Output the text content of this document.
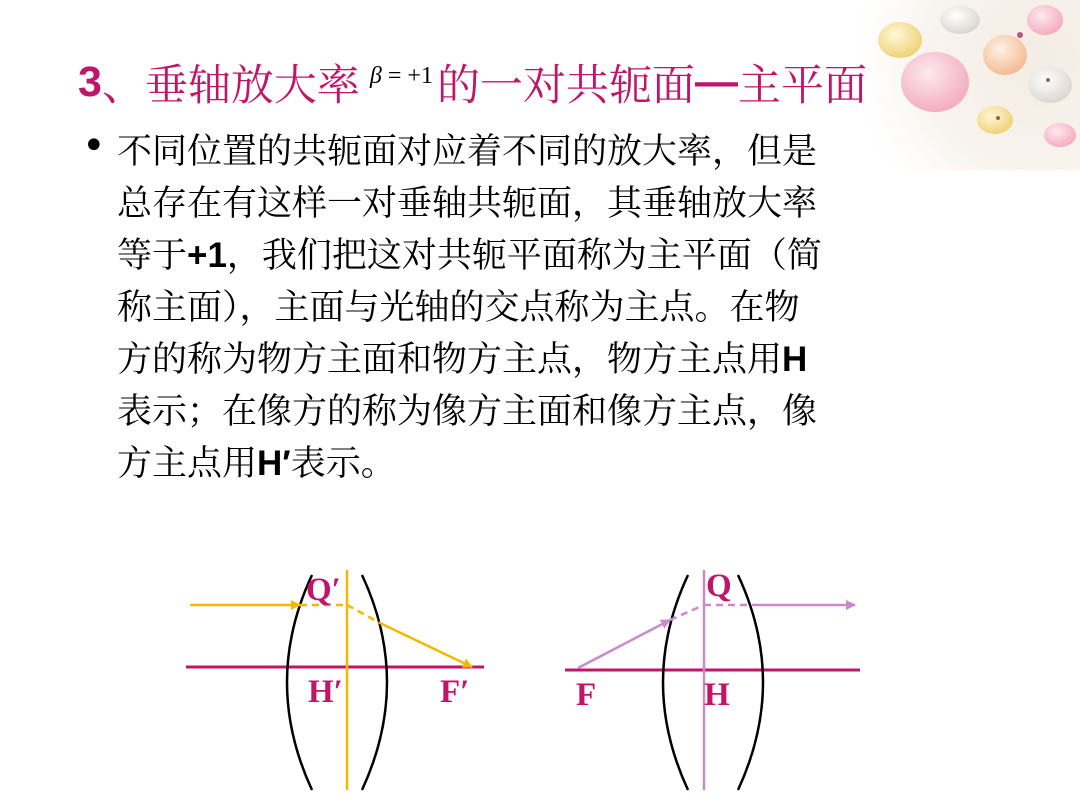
3 、垂轴放大率 β = +1 的一对共轭面 — 主平面
• 不同位置的共轭面对应着不同的放大率，但是
总存在有这样一对垂轴共轭面，其垂轴放大率
等于+1，我们把这对共轭平面称为主平面（简
称主面），主面与光轴的交点称为主点。在物
方的称为物方主面和物方主点，物方主点用H
表示；在像方的称为像方主面和像方主点，像
方主点用H′表示。
Q′
H′	F′
Q
F	H
